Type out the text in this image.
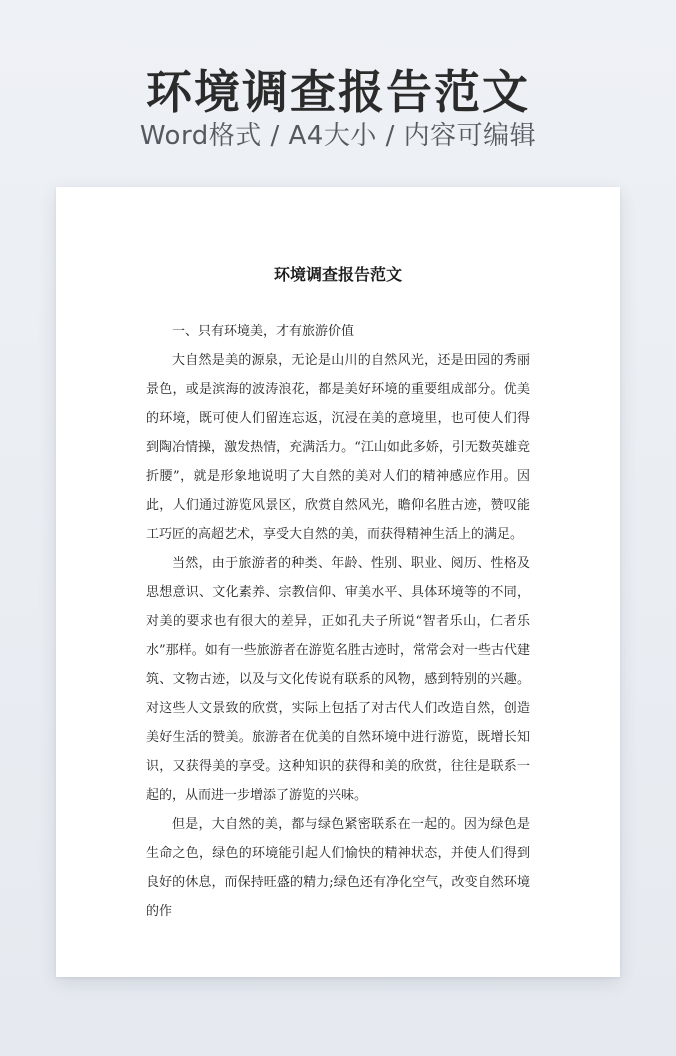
环境调查报告范文
Word格式 / A4大小 / 内容可编辑
环境调查报告范文

一、只有环境美，才有旅游价值

大自然是美的源泉，无论是山川的自然风光，还是田园的秀丽景色，或是滨海的波涛浪花，都是美好环境的重要组成部分。优美的环境，既可使人们留连忘返，沉浸在美的意境里，也可使人们得到陶冶情操，激发热情，充满活力。“江山如此多娇，引无数英雄竞折腰”，就是形象地说明了大自然的美对人们的精神感应作用。因此，人们通过游览风景区，欣赏自然风光，瞻仰名胜古迹，赞叹能工巧匠的高超艺术，享受大自然的美，而获得精神生活上的满足。

当然，由于旅游者的种类、年龄、性别、职业、阅历、性格及思想意识、文化素养、宗教信仰、审美水平、具体环境等的不同，对美的要求也有很大的差异，正如孔夫子所说“智者乐山，仁者乐水”那样。如有一些旅游者在游览名胜古迹时，常常会对一些古代建筑、文物古迹，以及与文化传说有联系的风物，感到特别的兴趣。对这些人文景致的欣赏，实际上包括了对古代人们改造自然，创造美好生活的赞美。旅游者在优美的自然环境中进行游览，既增长知识，又获得美的享受。这种知识的获得和美的欣赏，往往是联系一起的，从而进一步增添了游览的兴味。

但是，大自然的美，都与绿色紧密联系在一起的。因为绿色是生命之色，绿色的环境能引起人们愉快的精神状态，并使人们得到良好的休息，而保持旺盛的精力;绿色还有净化空气，改变自然环境的作
